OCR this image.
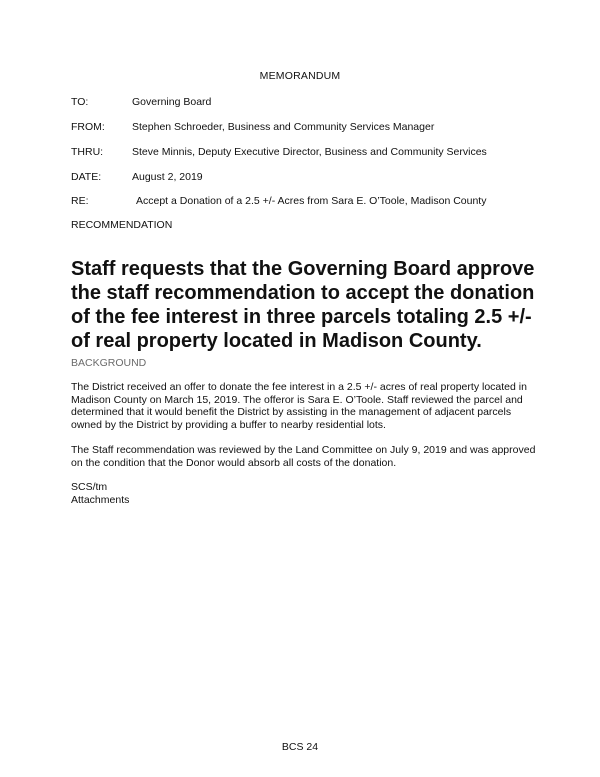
MEMORANDUM
TO:	Governing Board
FROM:	Stephen Schroeder, Business and Community Services Manager
THRU:	Steve Minnis, Deputy Executive Director, Business and Community Services
DATE:	August 2, 2019
RE:	Accept a Donation of a 2.5 +/- Acres from Sara E. O’Toole, Madison County
RECOMMENDATION
Staff requests that the Governing Board approve the staff recommendation to accept the donation of the fee interest in three parcels totaling 2.5 +/- of real property located in Madison County.
BACKGROUND

The District received an offer to donate the fee interest in a 2.5 +/- acres of real property located in Madison County on March 15, 2019. The offeror is Sara E. O’Toole. Staff reviewed the parcel and determined that it would benefit the District by assisting in the management of adjacent parcels owned by the District by providing a buffer to nearby residential lots.

The Staff recommendation was reviewed by the Land Committee on July 9, 2019 and was approved on the condition that the Donor would absorb all costs of the donation.

SCS/tm
Attachments
BCS 24
